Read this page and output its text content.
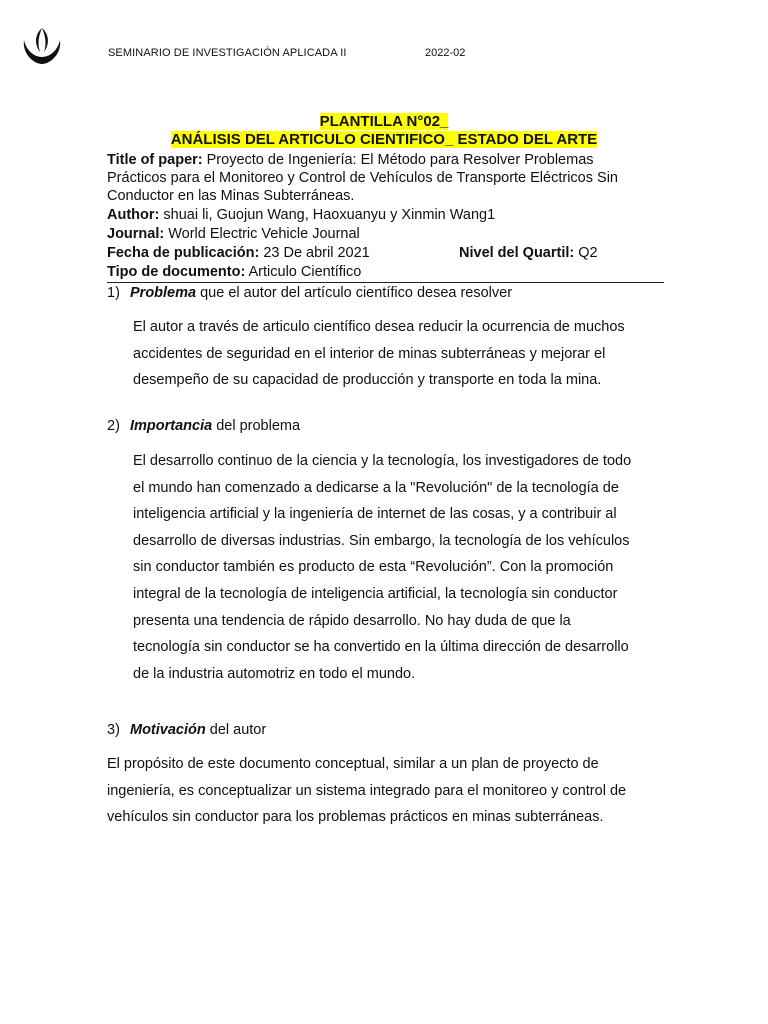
SEMINARIO DE INVESTIGACIÓN APLICADA II	2022-02
PLANTILLA N°02_
ANÁLISIS DEL ARTICULO CIENTIFICO_ ESTADO DEL ARTE
Title of paper: Proyecto de Ingeniería: El Método para Resolver Problemas
Prácticos para el Monitoreo y Control de Vehículos de Transporte Eléctricos Sin
Conductor en las Minas Subterráneas.
Author: shuai li, Guojun Wang, Haoxuanyu y Xinmin Wang1
Journal: World Electric Vehicle Journal
Fecha de publicación: 23 De abril 2021	Nivel del Quartil: Q2
Tipo de documento: Articulo Científico
1) Problema que el autor del artículo científico desea resolver
El autor a través de articulo científico desea reducir la ocurrencia de muchos
accidentes de seguridad en el interior de minas subterráneas y mejorar el
desempeño de su capacidad de producción y transporte en toda la mina.
2) Importancia del problema
El desarrollo continuo de la ciencia y la tecnología, los investigadores de todo
el mundo han comenzado a dedicarse a la "Revolución" de la tecnología de
inteligencia artificial y la ingeniería de internet de las cosas, y a contribuir al
desarrollo de diversas industrias. Sin embargo, la tecnología de los vehículos
sin conductor también es producto de esta “Revolución”. Con la promoción
integral de la tecnología de inteligencia artificial, la tecnología sin conductor
presenta una tendencia de rápido desarrollo. No hay duda de que la
tecnología sin conductor se ha convertido en la última dirección de desarrollo
de la industria automotriz en todo el mundo.
3) Motivación del autor
El propósito de este documento conceptual, similar a un plan de proyecto de
ingeniería, es conceptualizar un sistema integrado para el monitoreo y control de
vehículos sin conductor para los problemas prácticos en minas subterráneas.
